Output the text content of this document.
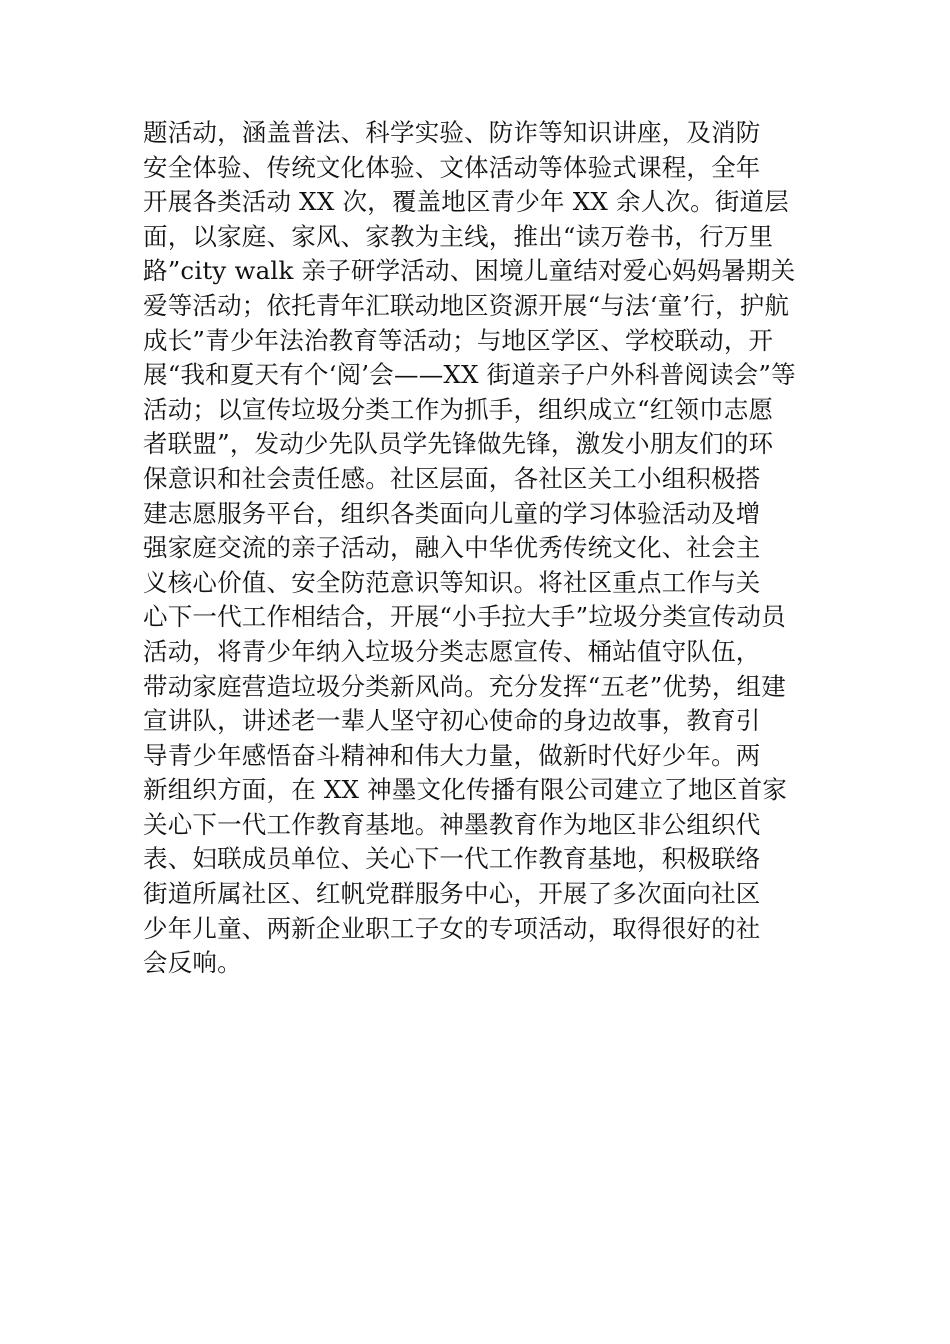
题活动，涵盖普法、科学实验、防诈等知识讲座，及消防
安全体验、传统文化体验、文体活动等体验式课程，全年
开展各类活动 XX 次，覆盖地区青少年 XX 余人次。街道层
面，以家庭、家风、家教为主线，推出“读万卷书，行万里
路”city walk 亲子研学活动、困境儿童结对爱心妈妈暑期关
爱等活动；依托青年汇联动地区资源开展“与法‘童’行，护航
成长”青少年法治教育等活动；与地区学区、学校联动，开
展“我和夏天有个‘阅’会——XX 街道亲子户外科普阅读会”等
活动；以宣传垃圾分类工作为抓手，组织成立“红领巾志愿
者联盟”，发动少先队员学先锋做先锋，激发小朋友们的环
保意识和社会责任感。社区层面，各社区关工小组积极搭
建志愿服务平台，组织各类面向儿童的学习体验活动及增
强家庭交流的亲子活动，融入中华优秀传统文化、社会主
义核心价值、安全防范意识等知识。将社区重点工作与关
心下一代工作相结合，开展“小手拉大手”垃圾分类宣传动员
活动，将青少年纳入垃圾分类志愿宣传、桶站值守队伍，
带动家庭营造垃圾分类新风尚。充分发挥“五老”优势，组建
宣讲队，讲述老一辈人坚守初心使命的身边故事，教育引
导青少年感悟奋斗精神和伟大力量，做新时代好少年。两
新组织方面，在 XX 神墨文化传播有限公司建立了地区首家
关心下一代工作教育基地。神墨教育作为地区非公组织代
表、妇联成员单位、关心下一代工作教育基地，积极联络
街道所属社区、红帆党群服务中心，开展了多次面向社区
少年儿童、两新企业职工子女的专项活动，取得很好的社
会反响。
